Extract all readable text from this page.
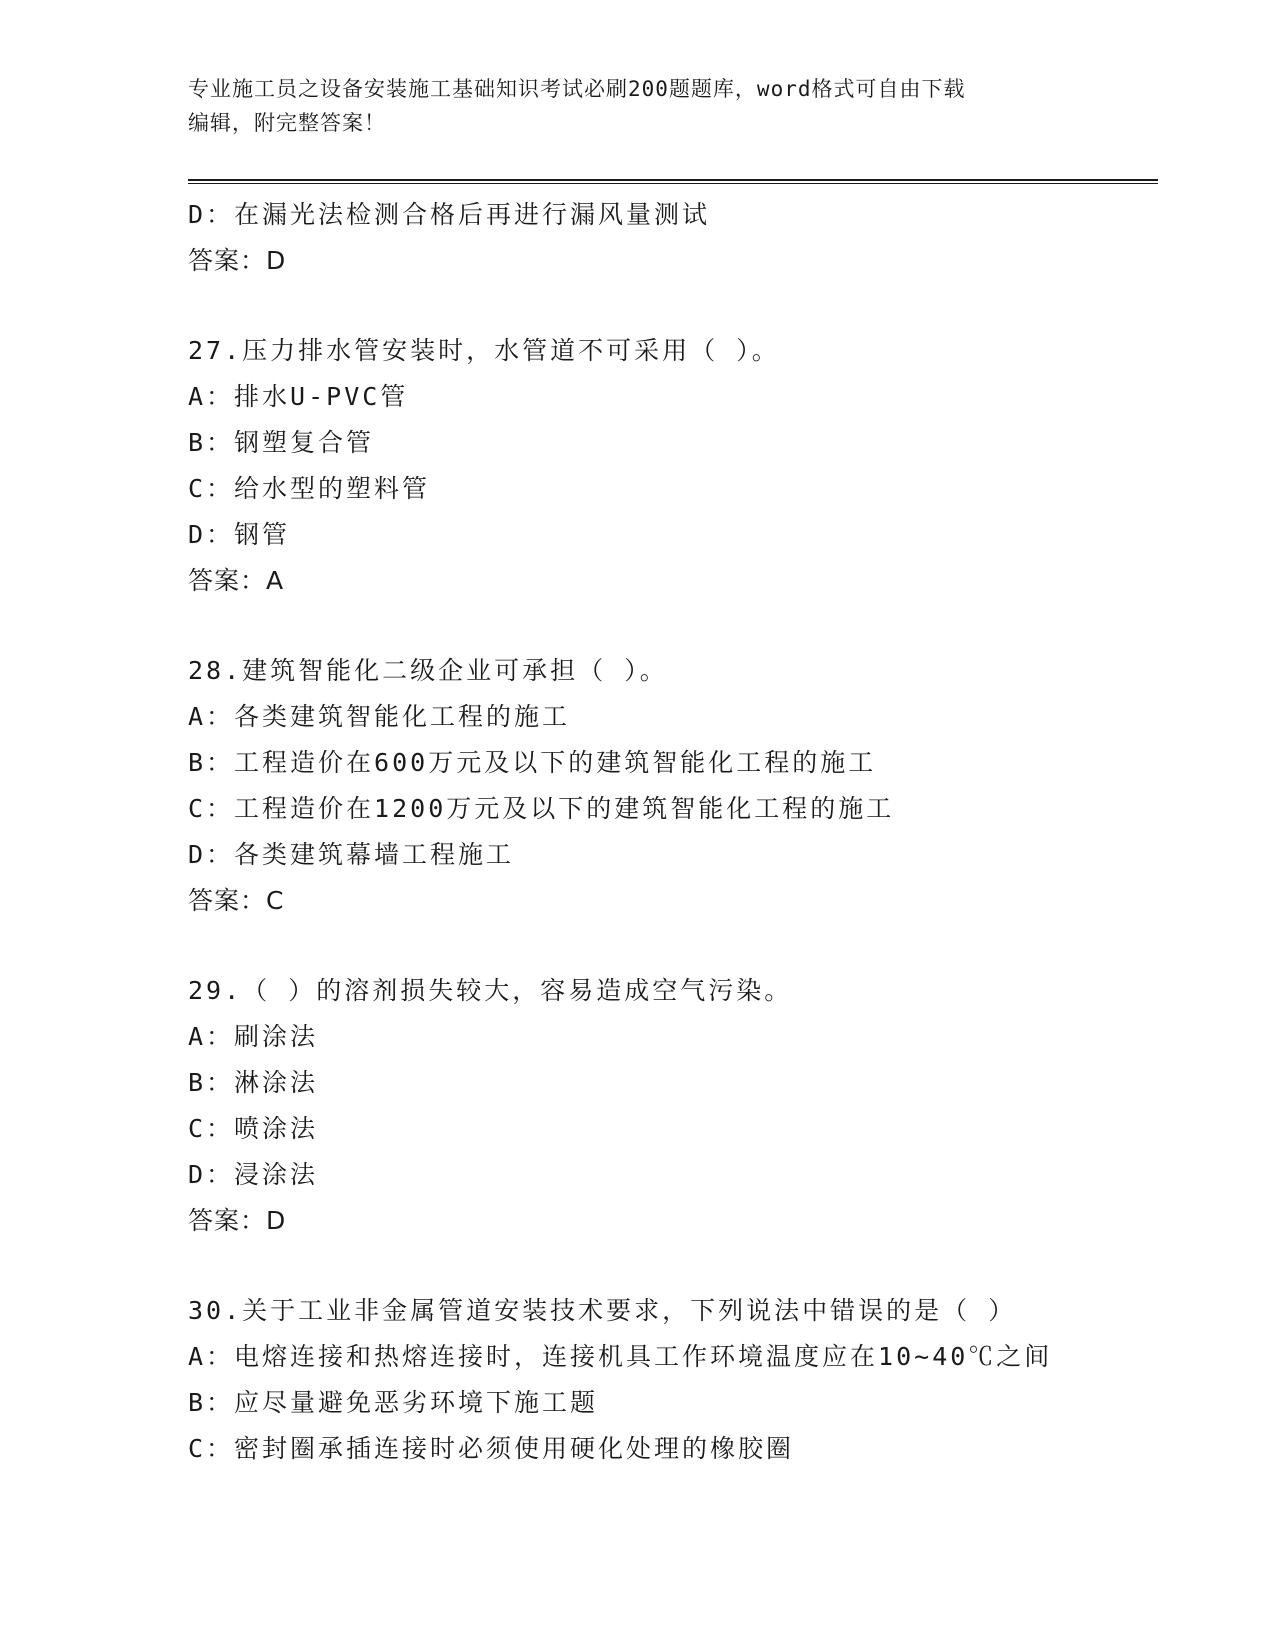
专业施工员之设备安装施工基础知识考试必刷200题题库，word格式可自由下载
编辑，附完整答案！
D：在漏光法检测合格后再进行漏风量测试
答案：D
27.压力排水管安装时，水管道不可采用（ ）。
A：排水U-PVC管
B：钢塑复合管
C：给水型的塑料管
D：钢管
答案：A
28.建筑智能化二级企业可承担（ ）。
A：各类建筑智能化工程的施工
B：工程造价在600万元及以下的建筑智能化工程的施工
C：工程造价在1200万元及以下的建筑智能化工程的施工
D：各类建筑幕墙工程施工
答案：C
29.（ ）的溶剂损失较大，容易造成空气污染。
A：刷涂法
B：淋涂法
C：喷涂法
D：浸涂法
答案：D
30.关于工业非金属管道安装技术要求，下列说法中错误的是（ ）
A：电熔连接和热熔连接时，连接机具工作环境温度应在10~40℃之间
B：应尽量避免恶劣环境下施工题
C：密封圈承插连接时必须使用硬化处理的橡胶圈
